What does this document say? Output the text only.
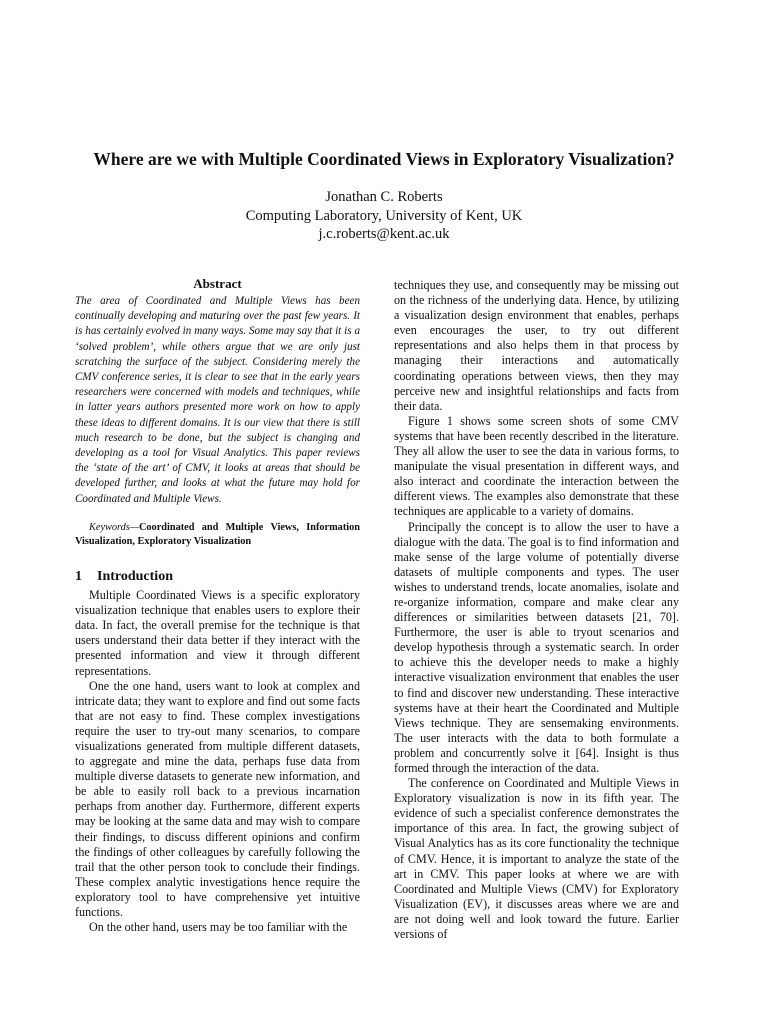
Where are we with Multiple Coordinated Views in Exploratory Visualization?
Jonathan C. Roberts
Computing Laboratory, University of Kent, UK
j.c.roberts@kent.ac.uk
Abstract

The area of Coordinated and Multiple Views has been continually developing and maturing over the past few years. It is has certainly evolved in many ways. Some may say that it is a ‘solved problem’, while others argue that we are only just scratching the surface of the subject. Considering merely the CMV conference series, it is clear to see that in the early years researchers were concerned with models and techniques, while in latter years authors presented more work on how to apply these ideas to different domains. It is our view that there is still much research to be done, but the subject is changing and developing as a tool for Visual Analytics. This paper reviews the ‘state of the art’ of CMV, it looks at areas that should be developed further, and looks at what the future may hold for Coordinated and Multiple Views.

Keywords—Coordinated and Multiple Views, Information Visualization, Exploratory Visualization

1 Introduction

Multiple Coordinated Views is a specific exploratory visualization technique that enables users to explore their data. In fact, the overall premise for the technique is that users understand their data better if they interact with the presented information and view it through different representations.

One the one hand, users want to look at complex and intricate data; they want to explore and find out some facts that are not easy to find. These complex investigations require the user to try-out many scenarios, to compare visualizations generated from multiple different datasets, to aggregate and mine the data, perhaps fuse data from multiple diverse datasets to generate new information, and be able to easily roll back to a previous incarnation perhaps from another day. Furthermore, different experts may be looking at the same data and may wish to compare their findings, to discuss different opinions and confirm the findings of other colleagues by carefully following the trail that the other person took to conclude their findings. These complex analytic investigations hence require the exploratory tool to have comprehensive yet intuitive functions.

On the other hand, users may be too familiar with the

techniques they use, and consequently may be missing out on the richness of the underlying data. Hence, by utilizing a visualization design environment that enables, perhaps even encourages the user, to try out different representations and also helps them in that process by managing their interactions and automatically coordinating operations between views, then they may perceive new and insightful relationships and facts from their data.

Figure 1 shows some screen shots of some CMV systems that have been recently described in the literature. They all allow the user to see the data in various forms, to manipulate the visual presentation in different ways, and also interact and coordinate the interaction between the different views. The examples also demonstrate that these techniques are applicable to a variety of domains.

Principally the concept is to allow the user to have a dialogue with the data. The goal is to find information and make sense of the large volume of potentially diverse datasets of multiple components and types. The user wishes to understand trends, locate anomalies, isolate and re-organize information, compare and make clear any differences or similarities between datasets [21, 70]. Furthermore, the user is able to tryout scenarios and develop hypothesis through a systematic search. In order to achieve this the developer needs to make a highly interactive visualization environment that enables the user to find and discover new understanding. These interactive systems have at their heart the Coordinated and Multiple Views technique. They are sensemaking environments. The user interacts with the data to both formulate a problem and concurrently solve it [64]. Insight is thus formed through the interaction of the data.

The conference on Coordinated and Multiple Views in Exploratory visualization is now in its fifth year. The evidence of such a specialist conference demonstrates the importance of this area. In fact, the growing subject of Visual Analytics has as its core functionality the technique of CMV. Hence, it is important to analyze the state of the art in CMV. This paper looks at where we are with Coordinated and Multiple Views (CMV) for Exploratory Visualization (EV), it discusses areas where we are and are not doing well and look toward the future. Earlier versions of
